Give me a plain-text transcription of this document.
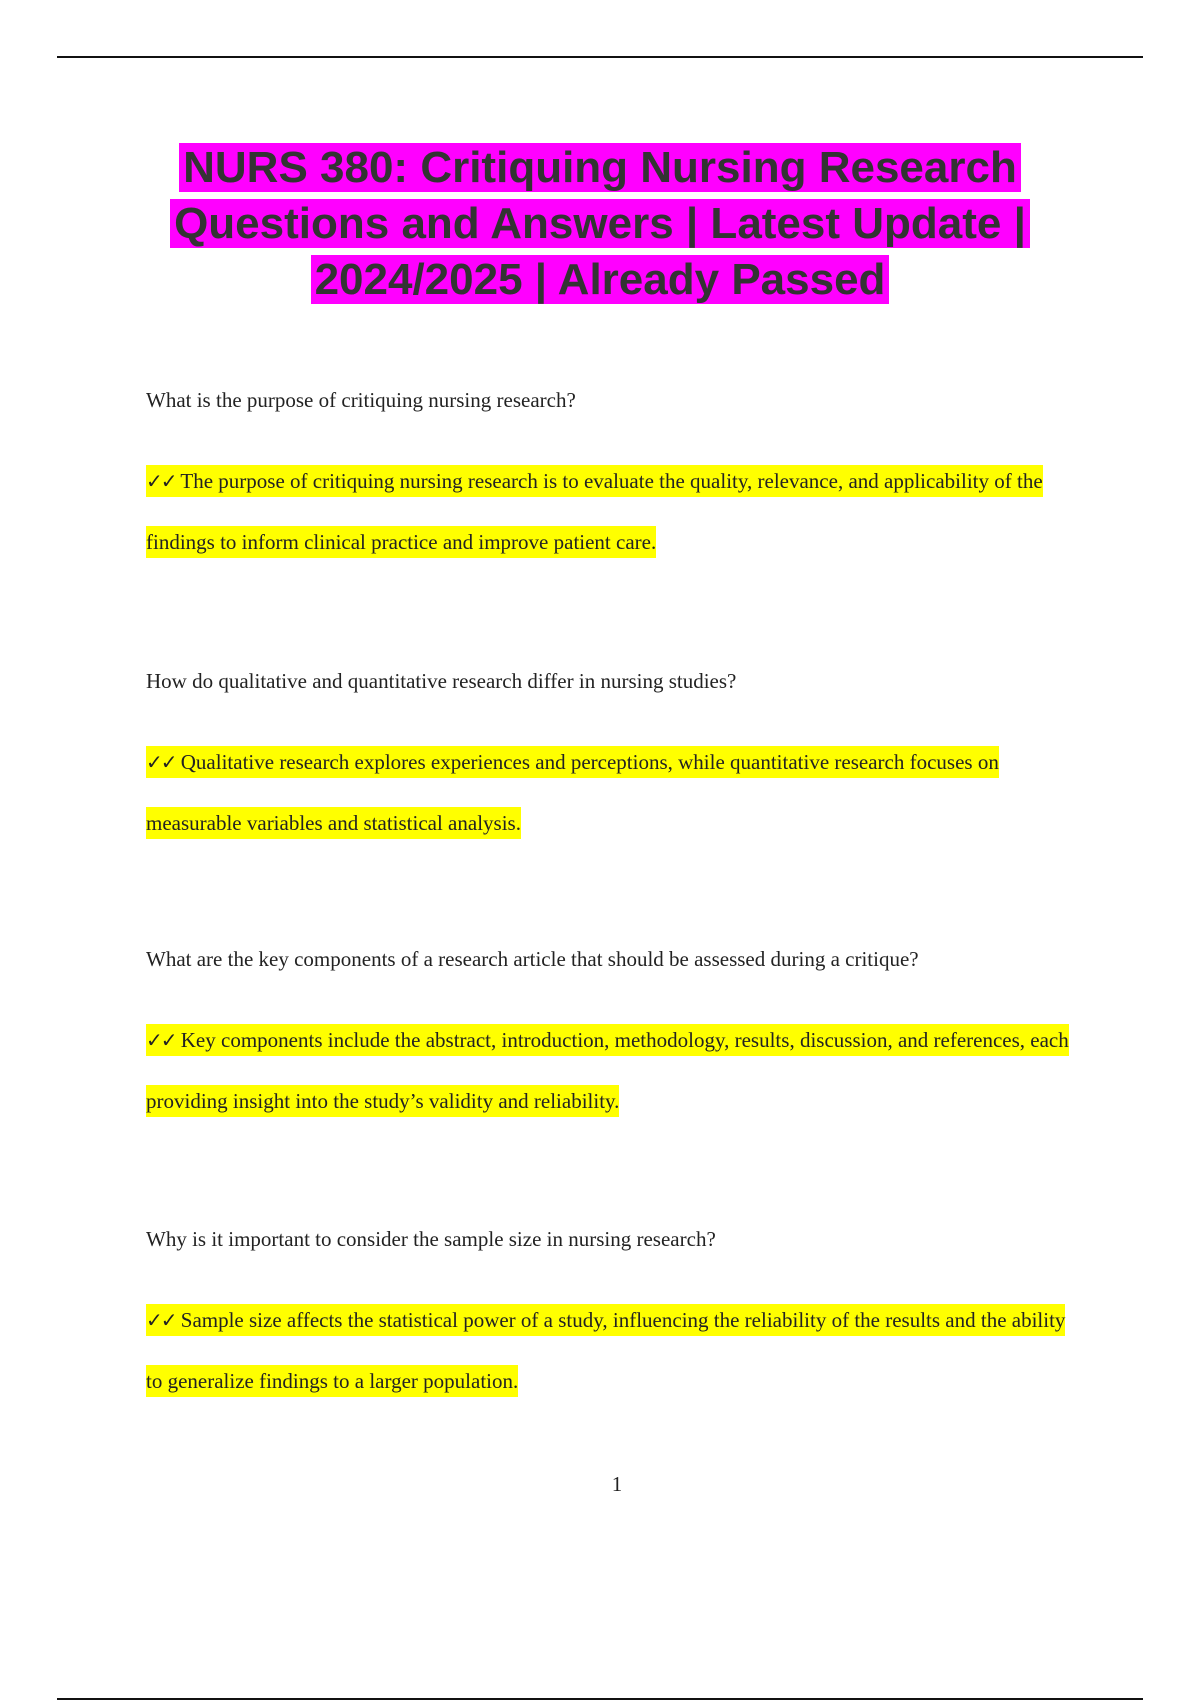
NURS 380: Critiquing Nursing Research Questions and Answers | Latest Update | 2024/2025 | Already Passed

What is the purpose of critiquing nursing research?

✓✓ The purpose of critiquing nursing research is to evaluate the quality, relevance, and applicability of the findings to inform clinical practice and improve patient care.

How do qualitative and quantitative research differ in nursing studies?

✓✓ Qualitative research explores experiences and perceptions, while quantitative research focuses on measurable variables and statistical analysis.

What are the key components of a research article that should be assessed during a critique?

✓✓ Key components include the abstract, introduction, methodology, results, discussion, and references, each providing insight into the study’s validity and reliability.

Why is it important to consider the sample size in nursing research?

✓✓ Sample size affects the statistical power of a study, influencing the reliability of the results and the ability to generalize findings to a larger population.

1
